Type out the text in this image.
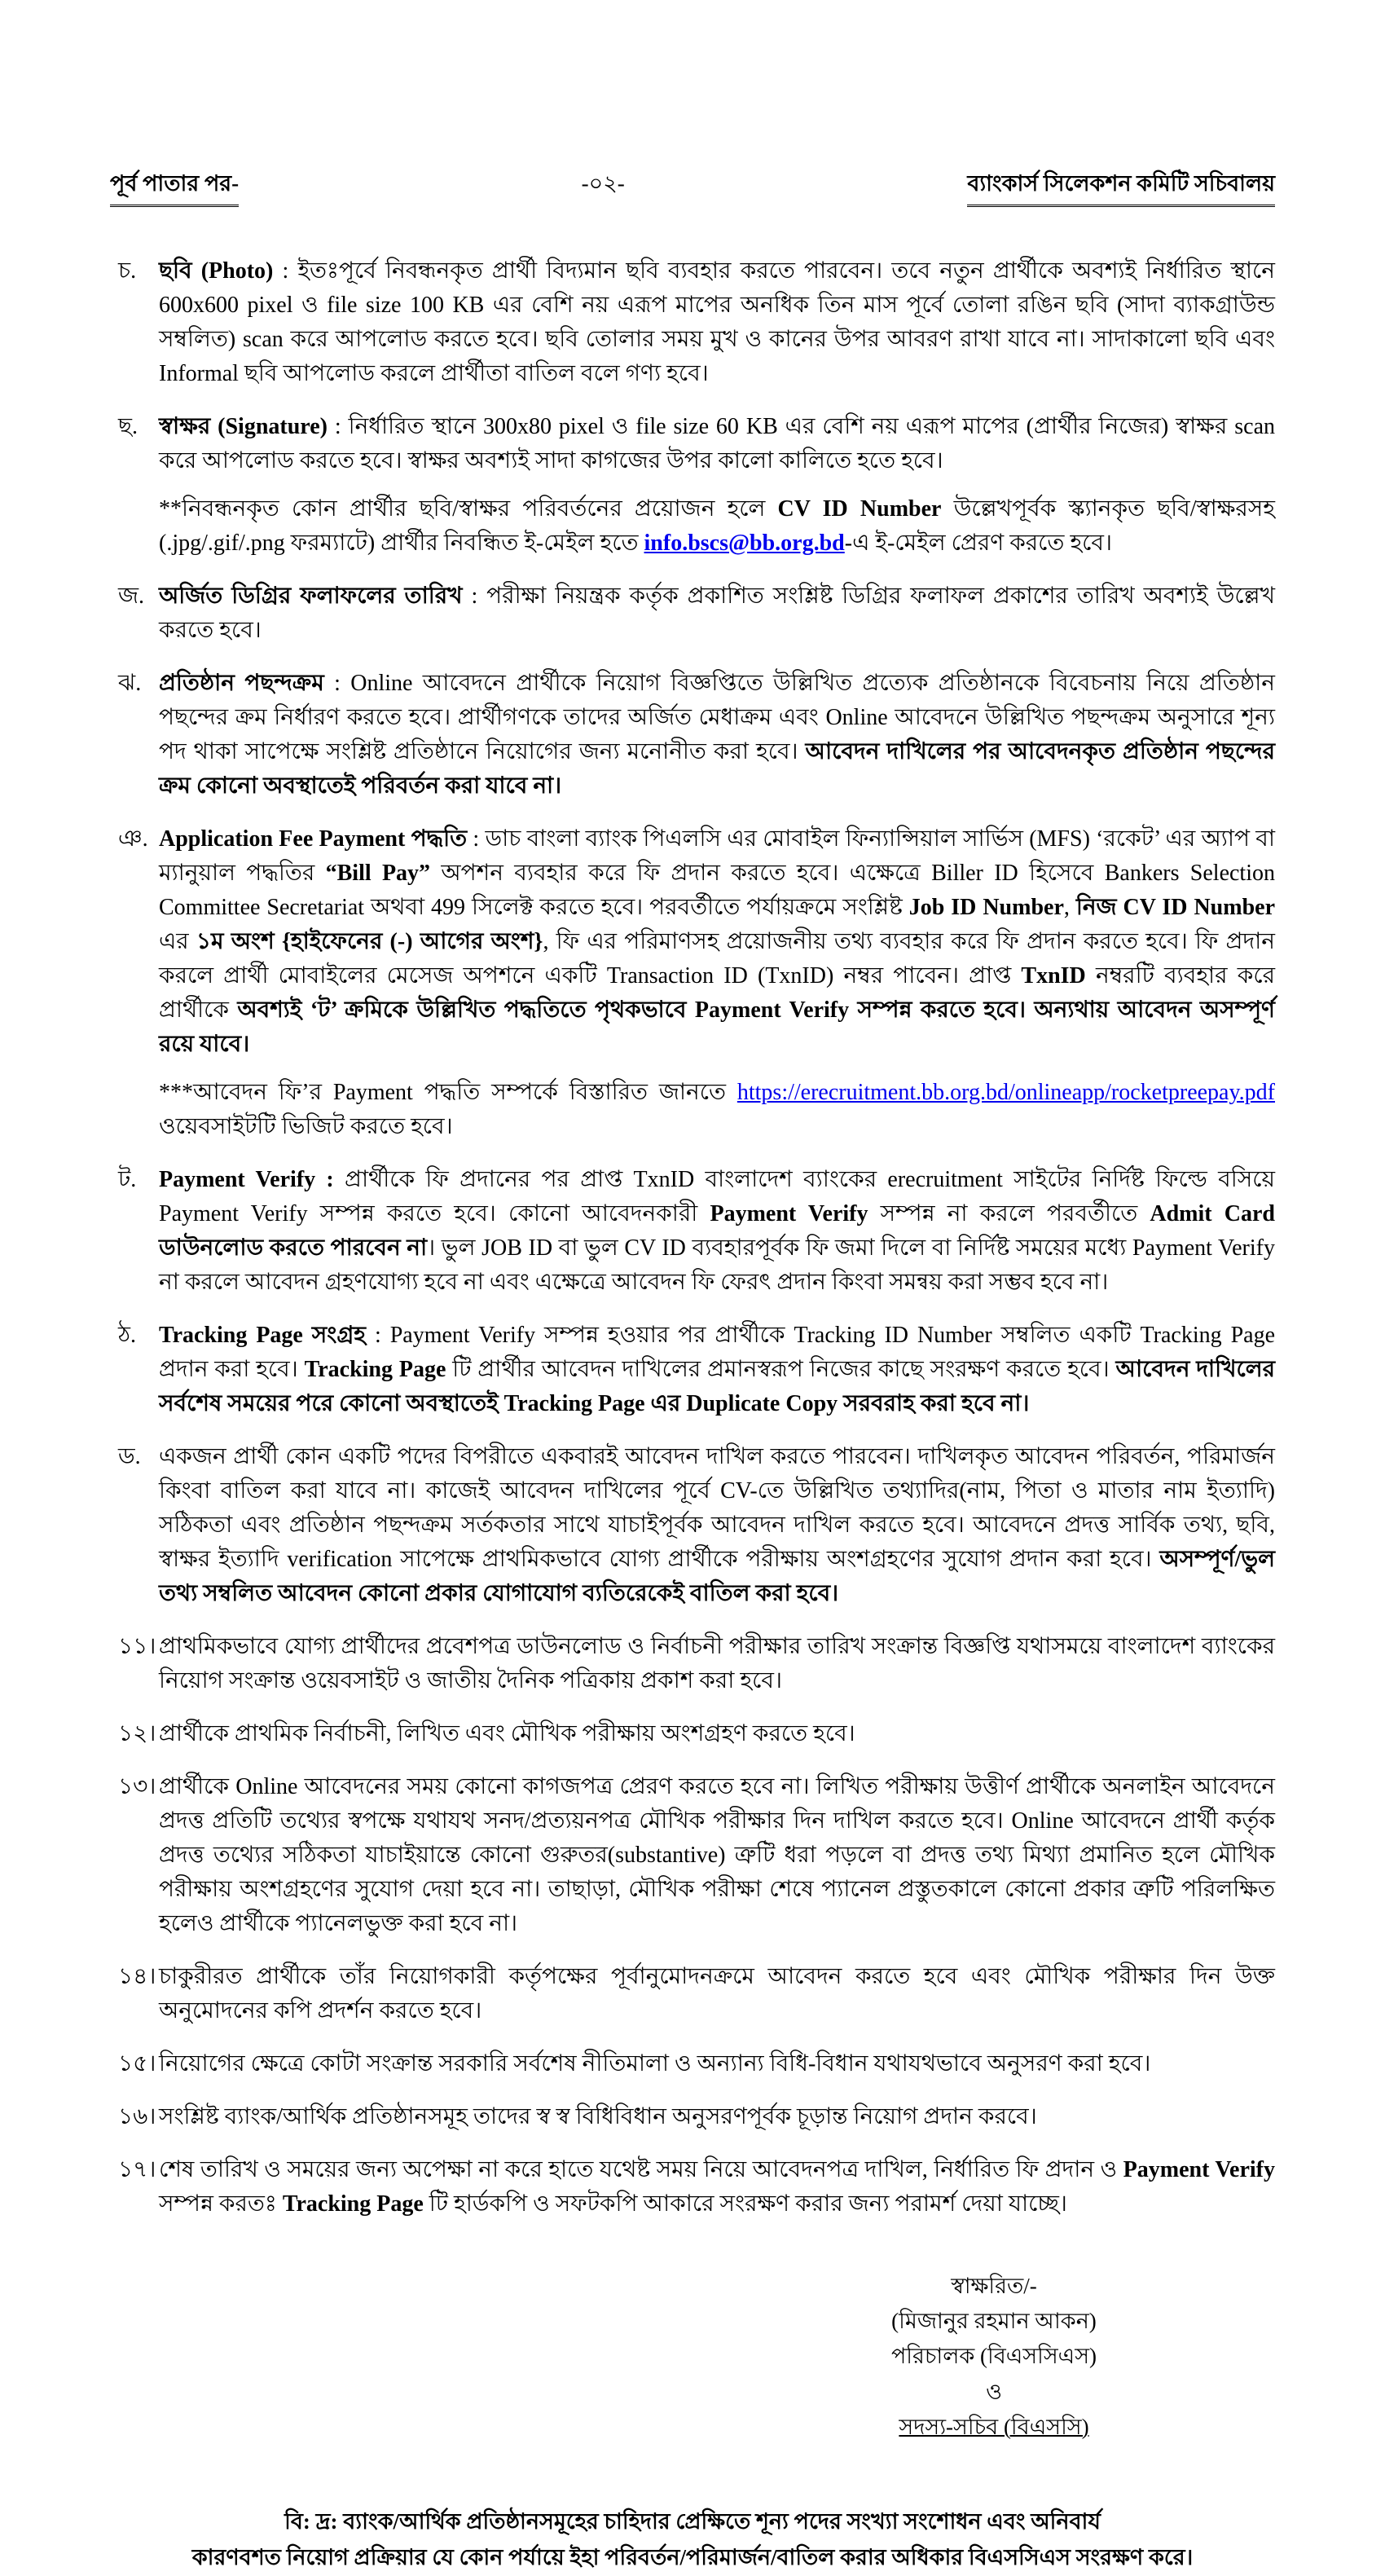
পূর্ব পাতার পর-	-০২-	ব্যাংকার্স সিলেকশন কমিটি সচিবালয়
চ. ছবি (Photo) : ইতঃপূর্বে নিবন্ধনকৃত প্রার্থী বিদ্যমান ছবি ব্যবহার করতে পারবেন। তবে নতুন প্রার্থীকে অবশ্যই নির্ধারিত স্থানে 600x600 pixel ও file size 100 KB এর বেশি নয় এরূপ মাপের অনধিক তিন মাস পূর্বে তোলা রঙিন ছবি (সাদা ব্যাকগ্রাউন্ড সম্বলিত) scan করে আপলোড করতে হবে। ছবি তোলার সময় মুখ ও কানের উপর আবরণ রাখা যাবে না। সাদাকালো ছবি এবং Informal ছবি আপলোড করলে প্রার্থীতা বাতিল বলে গণ্য হবে।

ছ. স্বাক্ষর (Signature) : নির্ধারিত স্থানে 300x80 pixel ও file size 60 KB এর বেশি নয় এরূপ মাপের (প্রার্থীর নিজের) স্বাক্ষর scan করে আপলোড করতে হবে। স্বাক্ষর অবশ্যই সাদা কাগজের উপর কালো কালিতে হতে হবে।

**নিবন্ধনকৃত কোন প্রার্থীর ছবি/স্বাক্ষর পরিবর্তনের প্রয়োজন হলে CV ID Number উল্লেখপূর্বক স্ক্যানকৃত ছবি/স্বাক্ষরসহ (.jpg/.gif/.png ফরম্যাটে) প্রার্থীর নিবন্ধিত ই-মেইল হতে info.bscs@bb.org.bd-এ ই-মেইল প্রেরণ করতে হবে।

জ. অর্জিত ডিগ্রির ফলাফলের তারিখ : পরীক্ষা নিয়ন্ত্রক কর্তৃক প্রকাশিত সংশ্লিষ্ট ডিগ্রির ফলাফল প্রকাশের তারিখ অবশ্যই উল্লেখ করতে হবে।

ঝ. প্রতিষ্ঠান পছন্দক্রম : Online আবেদনে প্রার্থীকে নিয়োগ বিজ্ঞপ্তিতে উল্লিখিত প্রত্যেক প্রতিষ্ঠানকে বিবেচনায় নিয়ে প্রতিষ্ঠান পছন্দের ক্রম নির্ধারণ করতে হবে। প্রার্থীগণকে তাদের অর্জিত মেধাক্রম এবং Online আবেদনে উল্লিখিত পছন্দক্রম অনুসারে শূন্য পদ থাকা সাপেক্ষে সংশ্লিষ্ট প্রতিষ্ঠানে নিয়োগের জন্য মনোনীত করা হবে। আবেদন দাখিলের পর আবেদনকৃত প্রতিষ্ঠান পছন্দের ক্রম কোনো অবস্থাতেই পরিবর্তন করা যাবে না।

ঞ. Application Fee Payment পদ্ধতি : ডাচ বাংলা ব্যাংক পিএলসি এর মোবাইল ফিন্যান্সিয়াল সার্ভিস (MFS) ‘রকেট’ এর অ্যাপ বা ম্যানুয়াল পদ্ধতির “Bill Pay” অপশন ব্যবহার করে ফি প্রদান করতে হবে। এক্ষেত্রে Biller ID হিসেবে Bankers Selection Committee Secretariat অথবা 499 সিলেক্ট করতে হবে। পরবর্তীতে পর্যায়ক্রমে সংশ্লিষ্ট Job ID Number, নিজ CV ID Number এর ১ম অংশ {হাইফেনের (-) আগের অংশ}, ফি এর পরিমাণসহ প্রয়োজনীয় তথ্য ব্যবহার করে ফি প্রদান করতে হবে। ফি প্রদান করলে প্রার্থী মোবাইলের মেসেজ অপশনে একটি Transaction ID (TxnID) নম্বর পাবেন। প্রাপ্ত TxnID নম্বরটি ব্যবহার করে প্রার্থীকে অবশ্যই ‘ট’ ক্রমিকে উল্লিখিত পদ্ধতিতে পৃথকভাবে Payment Verify সম্পন্ন করতে হবে। অন্যথায় আবেদন অসম্পূর্ণ রয়ে যাবে।

***আবেদন ফি’র Payment পদ্ধতি সম্পর্কে বিস্তারিত জানতে https://erecruitment.bb.org.bd/onlineapp/rocketpreepay.pdf ওয়েবসাইটটি ভিজিট করতে হবে।

ট. Payment Verify : প্রার্থীকে ফি প্রদানের পর প্রাপ্ত TxnID বাংলাদেশ ব্যাংকের erecruitment সাইটের নির্দিষ্ট ফিল্ডে বসিয়ে Payment Verify সম্পন্ন করতে হবে। কোনো আবেদনকারী Payment Verify সম্পন্ন না করলে পরবর্তীতে Admit Card ডাউনলোড করতে পারবেন না। ভুল JOB ID বা ভুল CV ID ব্যবহারপূর্বক ফি জমা দিলে বা নির্দিষ্ট সময়ের মধ্যে Payment Verify না করলে আবেদন গ্রহণযোগ্য হবে না এবং এক্ষেত্রে আবেদন ফি ফেরৎ প্রদান কিংবা সমন্বয় করা সম্ভব হবে না।

ঠ.	Tracking Page সংগ্রহ : Payment Verify সম্পন্ন হওয়ার পর প্রার্থীকে Tracking ID Number সম্বলিত একটি Tracking Page প্রদান করা হবে। Tracking Page টি প্রার্থীর আবেদন দাখিলের প্রমানস্বরূপ নিজের কাছে সংরক্ষণ করতে হবে। আবেদন দাখিলের সর্বশেষ সময়ের পরে কোনো অবস্থাতেই Tracking Page এর Duplicate Copy সরবরাহ করা হবে না।

ড. একজন প্রার্থী কোন একটি পদের বিপরীতে একবারই আবেদন দাখিল করতে পারবেন। দাখিলকৃত আবেদন পরিবর্তন, পরিমার্জন কিংবা বাতিল করা যাবে না। কাজেই আবেদন দাখিলের পূর্বে CV-তে উল্লিখিত তথ্যাদির(নাম, পিতা ও মাতার নাম ইত্যাদি) সঠিকতা এবং প্রতিষ্ঠান পছন্দক্রম সর্তকতার সাথে যাচাইপূর্বক আবেদন দাখিল করতে হবে। আবেদনে প্রদত্ত সার্বিক তথ্য, ছবি, স্বাক্ষর ইত্যাদি verification সাপেক্ষে প্রাথমিকভাবে যোগ্য প্রার্থীকে পরীক্ষায় অংশগ্রহণের সুযোগ প্রদান করা হবে। অসম্পূর্ণ/ভুল তথ্য সম্বলিত আবেদন কোনো প্রকার যোগাযোগ ব্যতিরেকেই বাতিল করা হবে।

১১। প্রাথমিকভাবে যোগ্য প্রার্থীদের প্রবেশপত্র ডাউনলোড ও নির্বাচনী পরীক্ষার তারিখ সংক্রান্ত বিজ্ঞপ্তি যথাসময়ে বাংলাদেশ ব্যাংকের নিয়োগ সংক্রান্ত ওয়েবসাইট ও জাতীয় দৈনিক পত্রিকায় প্রকাশ করা হবে।

১২। প্রার্থীকে প্রাথমিক নির্বাচনী, লিখিত এবং মৌখিক পরীক্ষায় অংশগ্রহণ করতে হবে।

১৩। প্রার্থীকে Online আবেদনের সময় কোনো কাগজপত্র প্রেরণ করতে হবে না। লিখিত পরীক্ষায় উত্তীর্ণ প্রার্থীকে অনলাইন আবেদনে প্রদত্ত প্রতিটি তথ্যের স্বপক্ষে যথাযথ সনদ/প্রত্যয়নপত্র মৌখিক পরীক্ষার দিন দাখিল করতে হবে। Online আবেদনে প্রার্থী কর্তৃক প্রদত্ত তথ্যের সঠিকতা যাচাইয়ান্তে কোনো গুরুতর(substantive) ত্রুটি ধরা পড়লে বা প্রদত্ত তথ্য মিথ্যা প্রমানিত হলে মৌখিক পরীক্ষায় অংশগ্রহণের সুযোগ দেয়া হবে না। তাছাড়া, মৌখিক পরীক্ষা শেষে প্যানেল প্রস্তুতকালে কোনো প্রকার ত্রুটি পরিলক্ষিত হলেও প্রার্থীকে প্যানেলভুক্ত করা হবে না।

১৪। চাকুরীরত প্রার্থীকে তাঁর নিয়োগকারী কর্তৃপক্ষের পূর্বানুমোদনক্রমে আবেদন করতে হবে এবং মৌখিক পরীক্ষার দিন উক্ত অনুমোদনের কপি প্রদর্শন করতে হবে।

১৫। নিয়োগের ক্ষেত্রে কোটা সংক্রান্ত সরকারি সর্বশেষ নীতিমালা ও অন্যান্য বিধি-বিধান যথাযথভাবে অনুসরণ করা হবে।

১৬। সংশ্লিষ্ট ব্যাংক/আর্থিক প্রতিষ্ঠানসমূহ তাদের স্ব স্ব বিধিবিধান অনুসরণপূর্বক চূড়ান্ত নিয়োগ প্রদান করবে।

১৭। শেষ তারিখ ও সময়ের জন্য অপেক্ষা না করে হাতে যথেষ্ট সময় নিয়ে আবেদনপত্র দাখিল, নির্ধারিত ফি প্রদান ও Payment Verify সম্পন্ন করতঃ Tracking Page টি হার্ডকপি ও সফটকপি আকারে সংরক্ষণ করার জন্য পরামর্শ দেয়া যাচ্ছে।

স্বাক্ষরিত/-
(মিজানুর রহমান আকন)
পরিচালক (বিএসসিএস)
ও
সদস্য-সচিব (বিএসসি)
বি: দ্র: ব্যাংক/আর্থিক প্রতিষ্ঠানসমূহের চাহিদার প্রেক্ষিতে শূন্য পদের সংখ্যা সংশোধন এবং অনিবার্য
কারণবশত নিয়োগ প্রক্রিয়ার যে কোন পর্যায়ে ইহা পরিবর্তন/পরিমার্জন/বাতিল করার অধিকার বিএসসিএস সংরক্ষণ করে।
